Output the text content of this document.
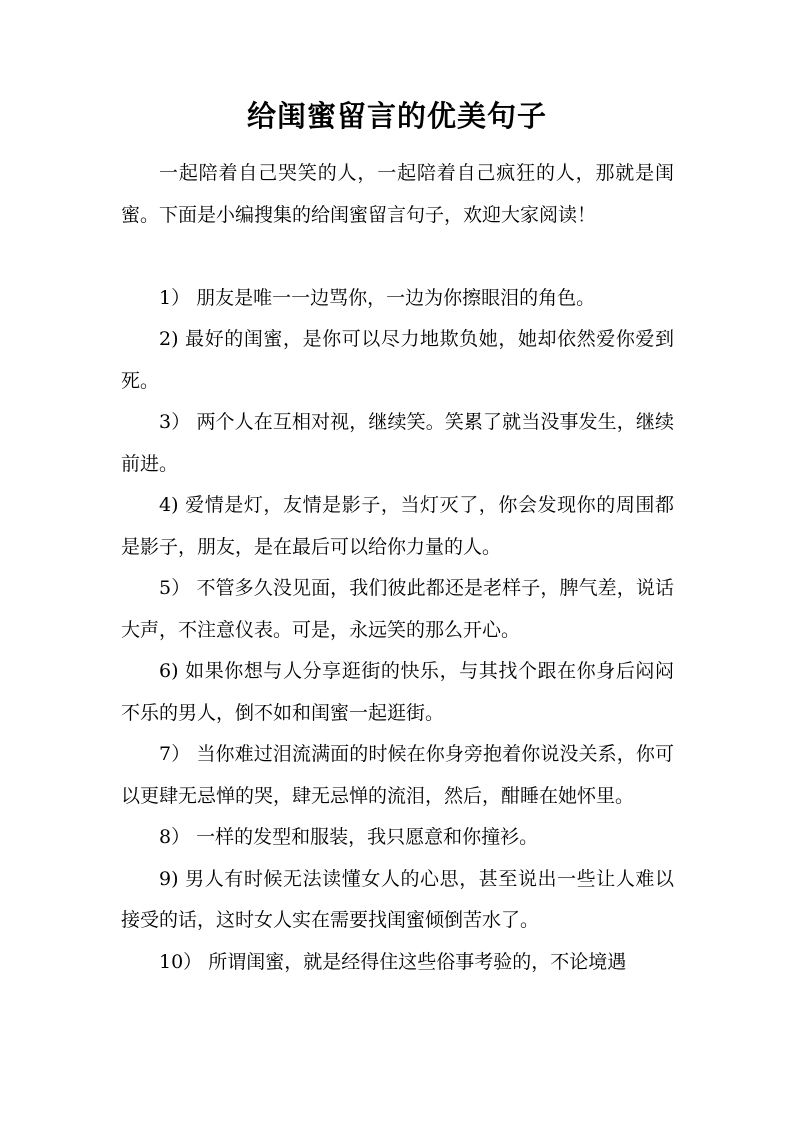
给闺蜜留言的优美句子

一起陪着自己哭笑的人，一起陪着自己疯狂的人，那就是闺蜜。下面是小编搜集的给闺蜜留言句子，欢迎大家阅读！

1） 朋友是唯一一边骂你，一边为你擦眼泪的角色。

2) 最好的闺蜜，是你可以尽力地欺负她，她却依然爱你爱到死。

3） 两个人在互相对视，继续笑。笑累了就当没事发生，继续前进。

4) 爱情是灯，友情是影子，当灯灭了，你会发现你的周围都是影子，朋友，是在最后可以给你力量的人。

5） 不管多久没见面，我们彼此都还是老样子，脾气差，说话大声，不注意仪表。可是，永远笑的那么开心。

6) 如果你想与人分享逛街的快乐，与其找个跟在你身后闷闷不乐的男人，倒不如和闺蜜一起逛街。

7） 当你难过泪流满面的时候在你身旁抱着你说没关系，你可以更肆无忌惮的哭，肆无忌惮的流泪，然后，酣睡在她怀里。

8） 一样的发型和服装，我只愿意和你撞衫。

9) 男人有时候无法读懂女人的心思，甚至说出一些让人难以接受的话，这时女人实在需要找闺蜜倾倒苦水了。

10） 所谓闺蜜，就是经得住这些俗事考验的，不论境遇
